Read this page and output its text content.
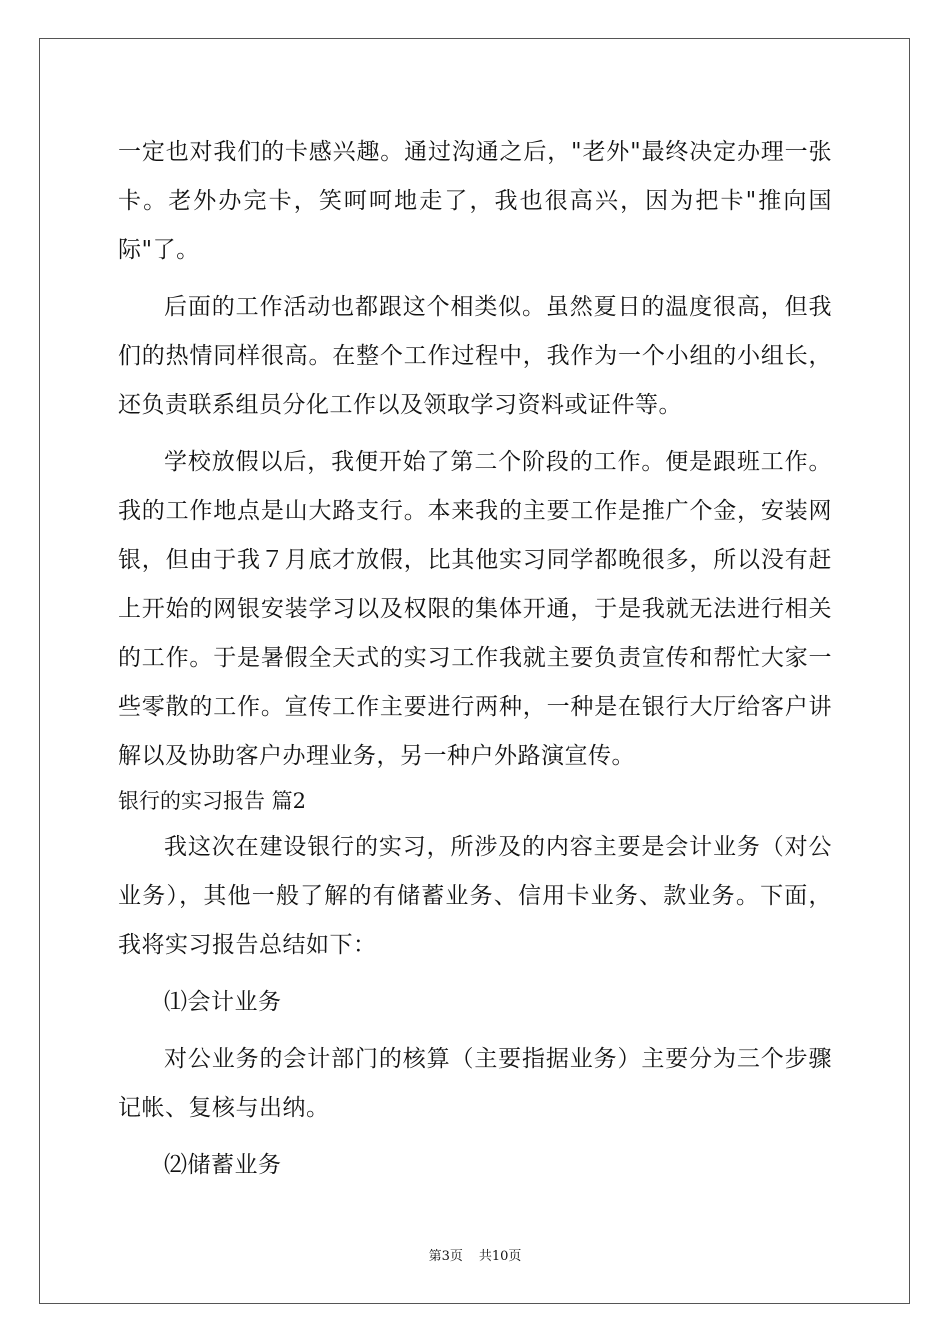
一定也对我们的卡感兴趣。通过沟通之后，"老外"最终决定办理一张
卡。老外办完卡，笑呵呵地走了，我也很高兴，因为把卡"推向国
际"了。
后面的工作活动也都跟这个相类似。虽然夏日的温度很高，但我
们的热情同样很高。在整个工作过程中，我作为一个小组的小组长，
还负责联系组员分化工作以及领取学习资料或证件等。
学校放假以后，我便开始了第二个阶段的工作。便是跟班工作。
我的工作地点是山大路支行。本来我的主要工作是推广个金，安装网
银，但由于我７月底才放假，比其他实习同学都晚很多，所以没有赶
上开始的网银安装学习以及权限的集体开通，于是我就无法进行相关
的工作。于是暑假全天式的实习工作我就主要负责宣传和帮忙大家一
些零散的工作。宣传工作主要进行两种，一种是在银行大厅给客户讲
解以及协助客户办理业务，另一种户外路演宣传。
银行的实习报告 篇2
我这次在建设银行的实习，所涉及的内容主要是会计业务（对公
业务），其他一般了解的有储蓄业务、信用卡业务、款业务。下面，
我将实习报告总结如下：
⑴会计业务
对公业务的会计部门的核算（主要指据业务）主要分为三个步骤
记帐、复核与出纳。
⑵储蓄业务
第3页 共10页
